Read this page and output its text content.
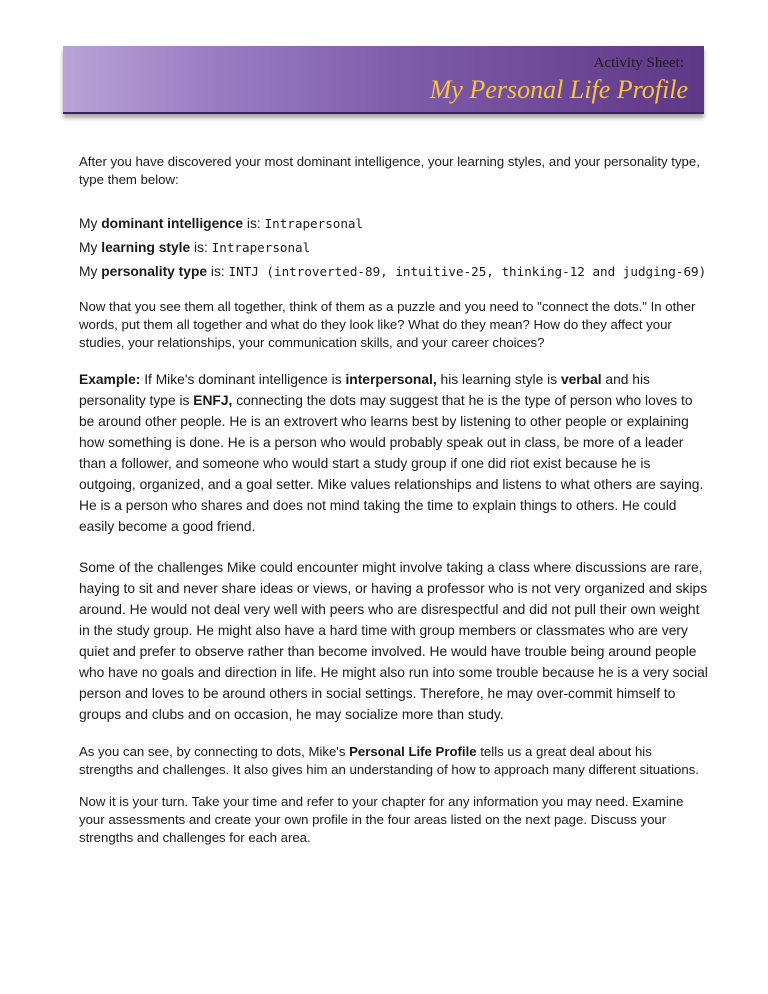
Activity Sheet:
My Personal Life Profile

After you have discovered your most dominant intelligence, your learning styles, and your personality type, type them below:

My dominant intelligence is: Intrapersonal

My learning style is: Intrapersonal

My personality type is: INTJ (introverted-89, intuitive-25, thinking-12 and judging-69)

Now that you see them all together, think of them as a puzzle and you need to "connect the dots." In other words, put them all together and what do they look like? What do they mean? How do they affect your studies, your relationships, your communication skills, and your career choices?

Example: If Mike's dominant intelligence is interpersonal, his learning style is verbal and his personality type is ENFJ, connecting the dots may suggest that he is the type of person who loves to be around other people. He is an extrovert who learns best by listening to other people or explaining how something is done. He is a person who would probably speak out in class, be more of a leader than a follower, and someone who would start a study group if one did riot exist because he is outgoing, organized, and a goal setter. Mike values relationships and listens to what others are saying. He is a person who shares and does not mind taking the time to explain things to others. He could easily become a good friend.

Some of the challenges Mike could encounter might involve taking a class where discussions are rare, haying to sit and never share ideas or views, or having a professor who is not very organized and skips around. He would not deal very well with peers who are disrespectful and did not pull their own weight in the study group. He might also have a hard time with group members or classmates who are very quiet and prefer to observe rather than become involved. He would have trouble being around people who have no goals and direction in life. He might also run into some trouble because he is a very social person and loves to be around others in social settings. Therefore, he may over-commit himself to groups and clubs and on occasion, he may socialize more than study.

As you can see, by connecting to dots, Mike's Personal Life Profile tells us a great deal about his strengths and challenges. It also gives him an understanding of how to approach many different situations.

Now it is your turn. Take your time and refer to your chapter for any information you may need. Examine your assessments and create your own profile in the four areas listed on the next page. Discuss your strengths and challenges for each area.
